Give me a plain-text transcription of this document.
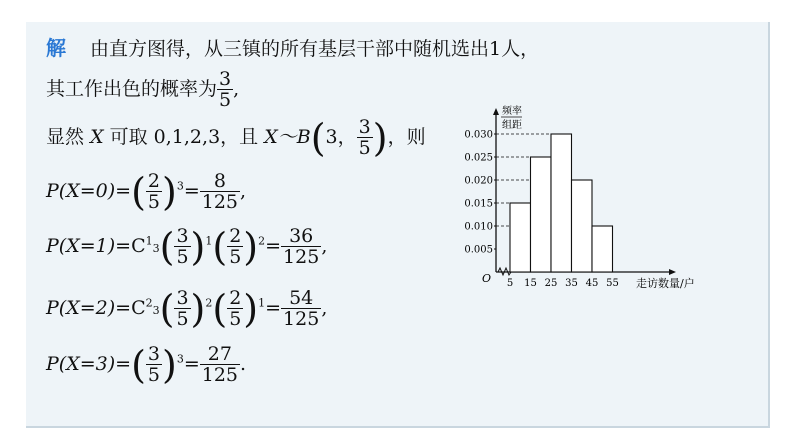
解 由直方图得，从三镇的所有基层干部中随机选出1人，
其工作出色的概率为 $\frac{3}{5}$ ,
显然 X 可取 0,1,2,3，且 X～B(3， $\frac{3}{5}$ )，则
$P(X=0)=( \frac{2}{5} )^3= \frac{8}{125}$ ,
$P(X=1)=C^13( \frac{3}{5} )^1( \frac{2}{5} )^2= \frac{36}{125}$ ,
$P(X=2)=C^23( \frac{3}{5} )^2( \frac{2}{5} )^1= \frac{54}{125}$ ,
$P(X=3)=( \frac{3}{5} )^3= \frac{27}{125}$ .
O
频率
组距
0.005
0.010
0.015
0.020
0.025
0.030
5 15 25 35 45 55 走访数量/户
